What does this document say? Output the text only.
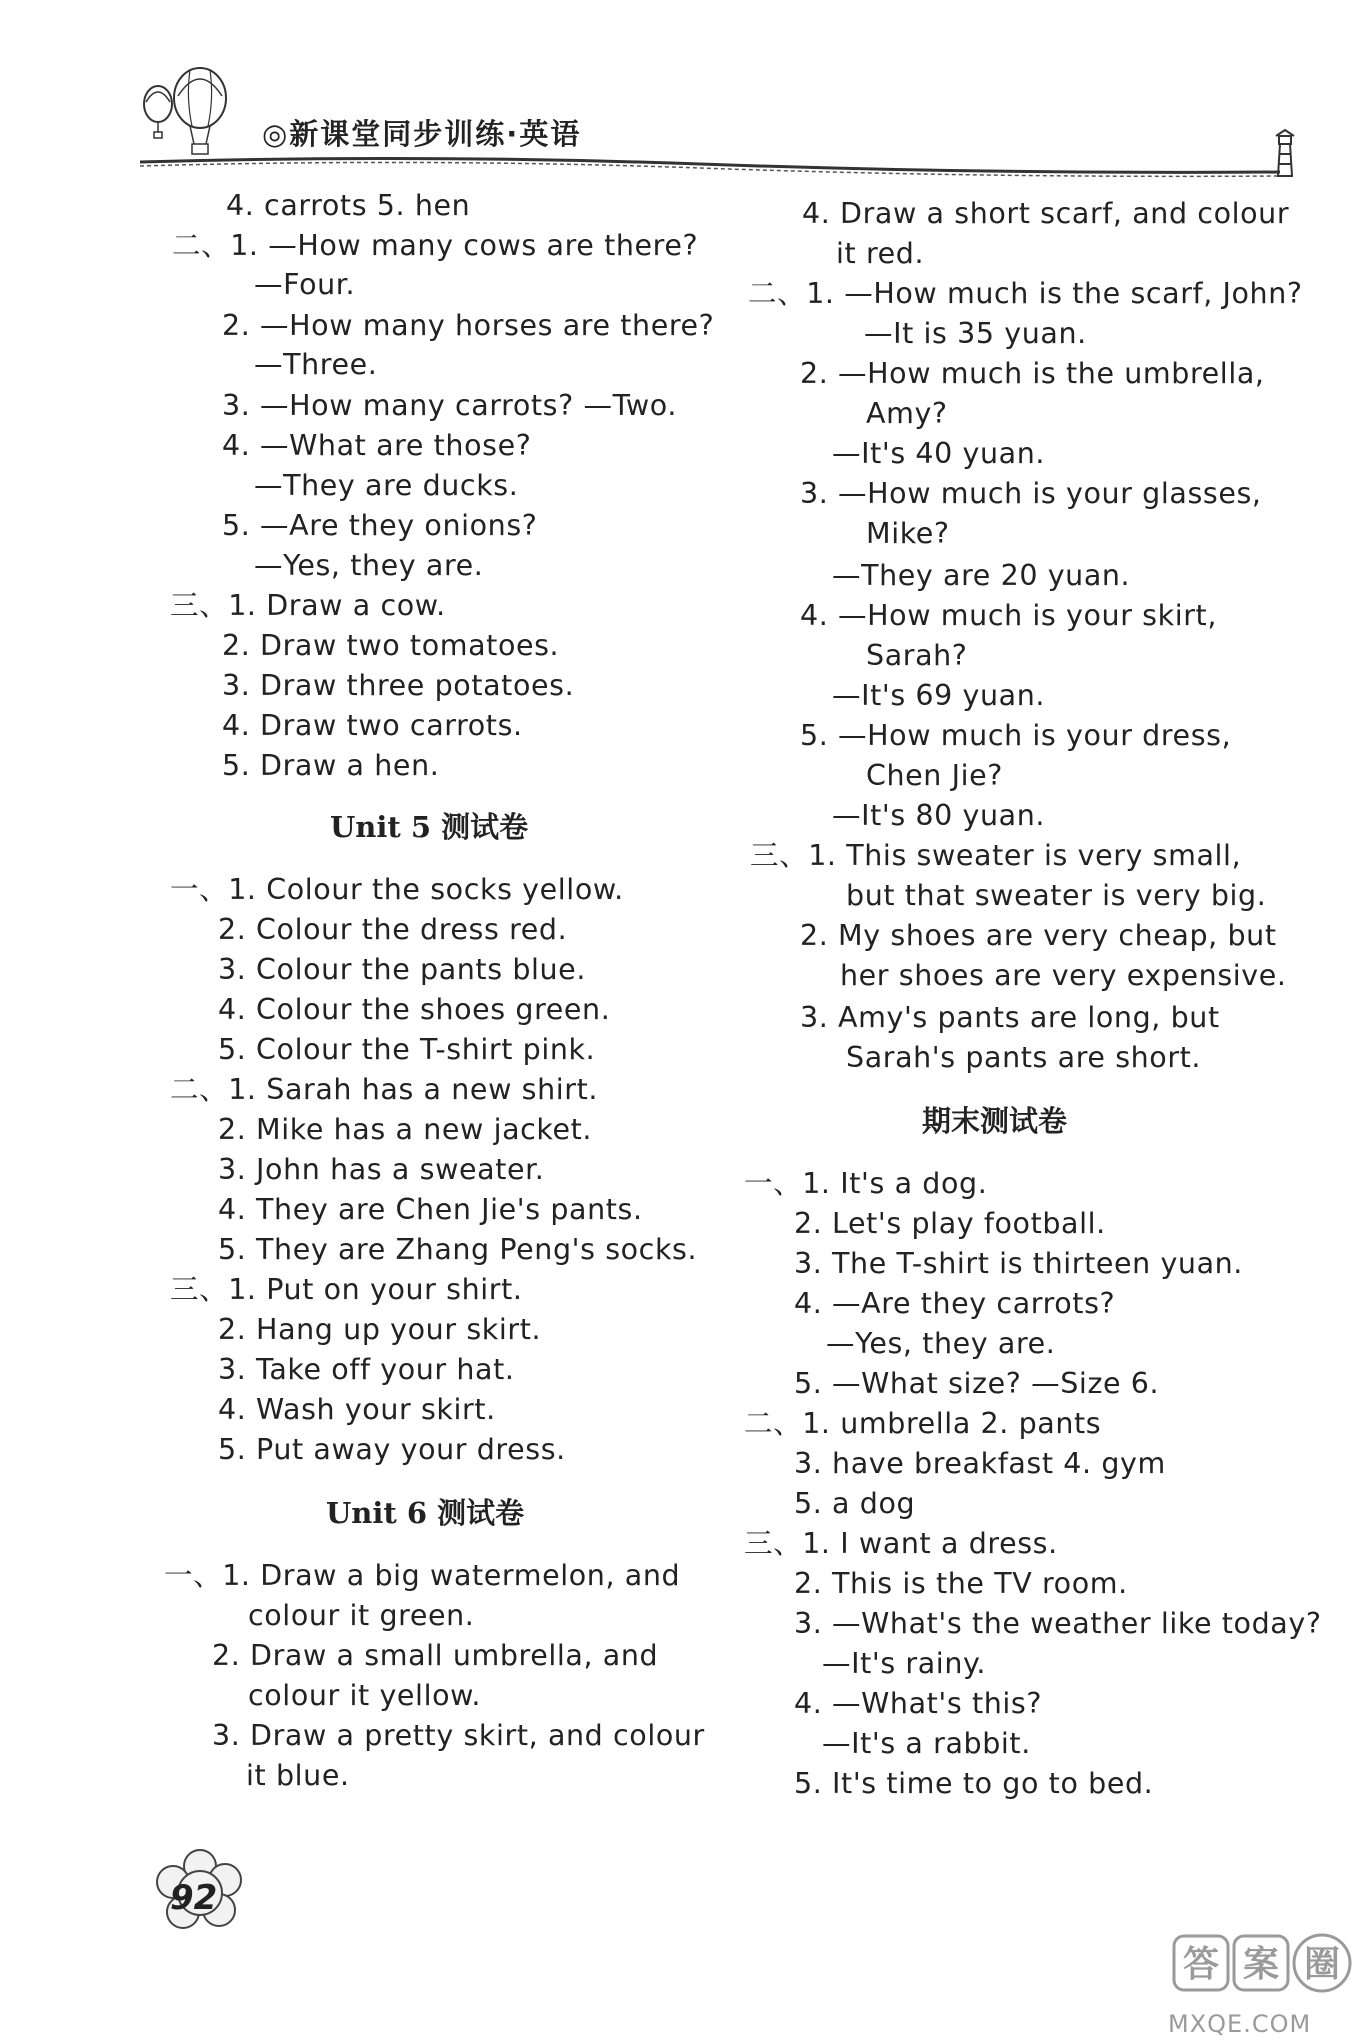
◎新课堂同步训练·英语
4. carrots 5. hen
二、1. —How many cows are there?
—Four.
2. —How many horses are there?
—Three.
3. —How many carrots? —Two.
4. —What are those?
—They are ducks.
5. —Are they onions?
—Yes, they are.
三、1. Draw a cow.
2. Draw two tomatoes.
3. Draw three potatoes.
4. Draw two carrots.
5. Draw a hen.
Unit 5 测试卷
一、1. Colour the socks yellow.
2. Colour the dress red.
3. Colour the pants blue.
4. Colour the shoes green.
5. Colour the T-shirt pink.
二、1. Sarah has a new shirt.
2. Mike has a new jacket.
3. John has a sweater.
4. They are Chen Jie's pants.
5. They are Zhang Peng's socks.
三、1. Put on your shirt.
2. Hang up your skirt.
3. Take off your hat.
4. Wash your skirt.
5. Put away your dress.
Unit 6 测试卷
一、1. Draw a big watermelon, and
colour it green.
2. Draw a small umbrella, and
colour it yellow.
3. Draw a pretty skirt, and colour
it blue.
4. Draw a short scarf, and colour
it red.
二、1. —How much is the scarf, John?
—It is 35 yuan.
2. —How much is the umbrella,
Amy?
—It's 40 yuan.
3. —How much is your glasses,
Mike?
—They are 20 yuan.
4. —How much is your skirt,
Sarah?
—It's 69 yuan.
5. —How much is your dress,
Chen Jie?
—It's 80 yuan.
三、1. This sweater is very small,
but that sweater is very big.
2. My shoes are very cheap, but
her shoes are very expensive.
3. Amy's pants are long, but
Sarah's pants are short.
期末测试卷
一、1. It's a dog.
2. Let's play football.
3. The T-shirt is thirteen yuan.
4. —Are they carrots?
—Yes, they are.
5. —What size? —Size 6.
二、1. umbrella 2. pants
3. have breakfast 4. gym
5. a dog
三、1. I want a dress.
2. This is the TV room.
3. —What's the weather like today?
—It's rainy.
4. —What's this?
—It's a rabbit.
5. It's time to go to bed.
92
答 案 圈
MXQE.COM
